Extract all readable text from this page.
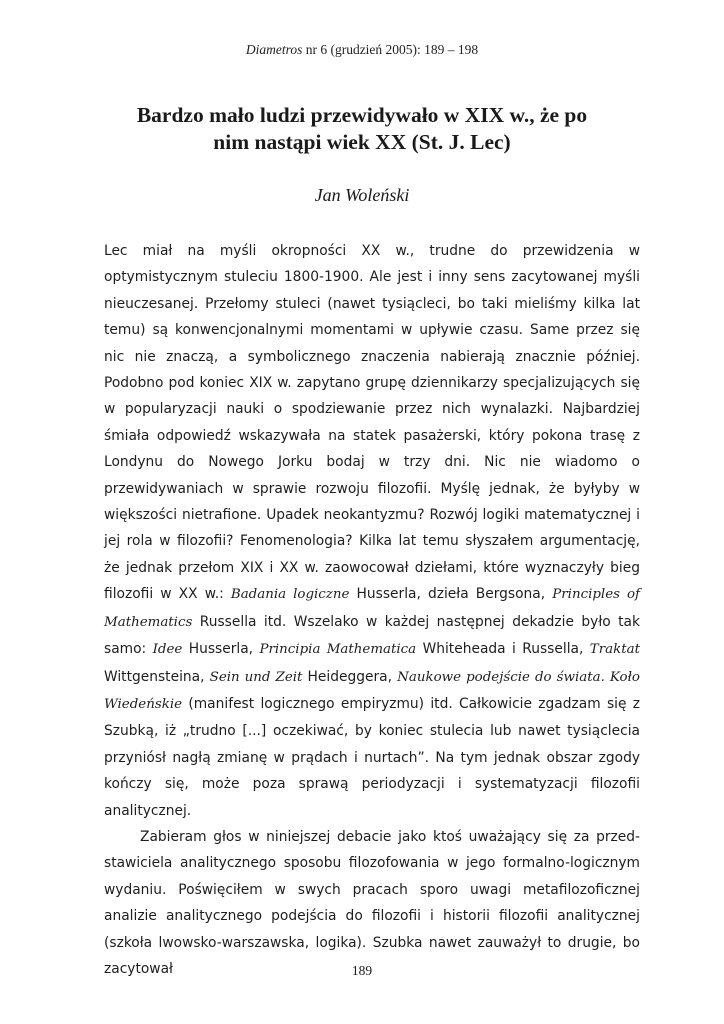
Diametros nr 6 (grudzień 2005): 189 – 198
Bardzo mało ludzi przewidywało w XIX w., że po
nim nastąpi wiek XX (St. J. Lec)
Jan Woleński

Lec miał na myśli okropności XX w., trudne do przewidzenia w optymistycznym stuleciu 1800-1900. Ale jest i inny sens zacytowanej myśli nieuczesanej. Przełomy stuleci (nawet tysiącleci, bo taki mieliśmy kilka lat temu) są konwencjonalnymi momentami w upływie czasu. Same przez się nic nie znaczą, a symbolicznego znaczenia nabierają znacznie później. Podobno pod koniec XIX w. zapytano grupę dziennikarzy specjalizujących się w popularyzacji nauki o spodziewanie przez nich wynalazki. Najbardziej śmiała odpowiedź wskazywała na statek pasażerski, który pokona trasę z Londynu do Nowego Jorku bodaj w trzy dni. Nic nie wiadomo o przewidywaniach w sprawie rozwoju filozofii. Myślę jednak, że byłyby w większości nietrafione. Upadek neokantyzmu? Rozwój logiki matematycznej i jej rola w filozofii? Fenomenologia? Kilka lat temu słyszałem argumentację, że jednak przełom XIX i XX w. zaowocował dziełami, które wyznaczyły bieg filozofii w XX w.: Badania logiczne Husserla, dzieła Bergsona, Principles of Mathematics Russella itd. Wszelako w każdej następnej dekadzie było tak samo: Idee Husserla, Principia Mathematica Whiteheada i Russella, Traktat Wittgensteina, Sein und Zeit Heideggera, Naukowe podejście do świata. Koło Wiedeńskie (manifest logicznego empiryzmu) itd. Całkowicie zgadzam się z Szubką, iż „trudno [...] oczekiwać, by koniec stulecia lub nawet tysiąclecia przyniósł nagłą zmianę w prądach i nurtach”. Na tym jednak obszar zgody kończy się, może poza sprawą periodyzacji i systematyzacji filozofii analitycznej.

Zabieram głos w niniejszej debacie jako ktoś uważający się za przedstawiciela analitycznego sposobu filozofowania w jego formalno-logicznym wydaniu. Poświęciłem w swych pracach sporo uwagi metafilozoficznej analizie analitycznego podejścia do filozofii i historii filozofii analitycznej (szkoła lwowsko-warszawska, logika). Szubka nawet zauważył to drugie, bo zacytował	189
